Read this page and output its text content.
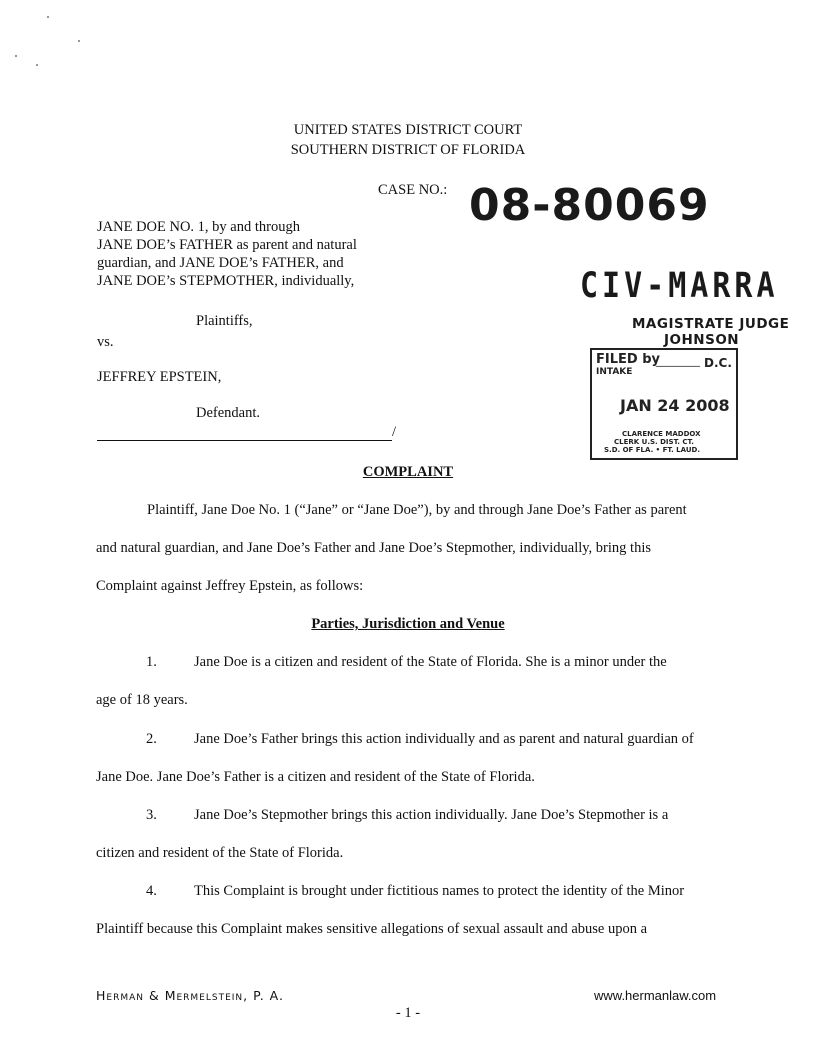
UNITED STATES DISTRICT COURT
SOUTHERN DISTRICT OF FLORIDA
CASE NO.: 08-80069
CIV-MARRA
MAGISTRATE JUDGE
JOHNSON
FILED by
________ D.C.
INTAKE
JAN 24 2008
CLARENCE MADDOX
CLERK U.S. DIST. CT.
S.D. OF FLA. • FT. LAUD.
JANE DOE NO. 1, by and through
JANE DOE’s FATHER as parent and natural
guardian, and JANE DOE’s FATHER, and
JANE DOE’s STEPMOTHER, individually,
Plaintiffs,
vs.
JEFFREY EPSTEIN,
Defendant.
/
COMPLAINT
Plaintiff, Jane Doe No. 1 (“Jane” or “Jane Doe”), by and through Jane Doe’s Father as parent
and natural guardian, and Jane Doe’s Father and Jane Doe’s Stepmother, individually, bring this
Complaint against Jeffrey Epstein, as follows:
Parties, Jurisdiction and Venue
1.	Jane Doe is a citizen and resident of the State of Florida. She is a minor under the
age of 18 years.
2.	Jane Doe’s Father brings this action individually and as parent and natural guardian of
Jane Doe. Jane Doe’s Father is a citizen and resident of the State of Florida.
3.	Jane Doe’s Stepmother brings this action individually. Jane Doe’s Stepmother is a
citizen and resident of the State of Florida.
4.	This Complaint is brought under fictitious names to protect the identity of the Minor
Plaintiff because this Complaint makes sensitive allegations of sexual assault and abuse upon a
Herman & Mermelstein, P. A.	www.hermanlaw.com
- 1 -
